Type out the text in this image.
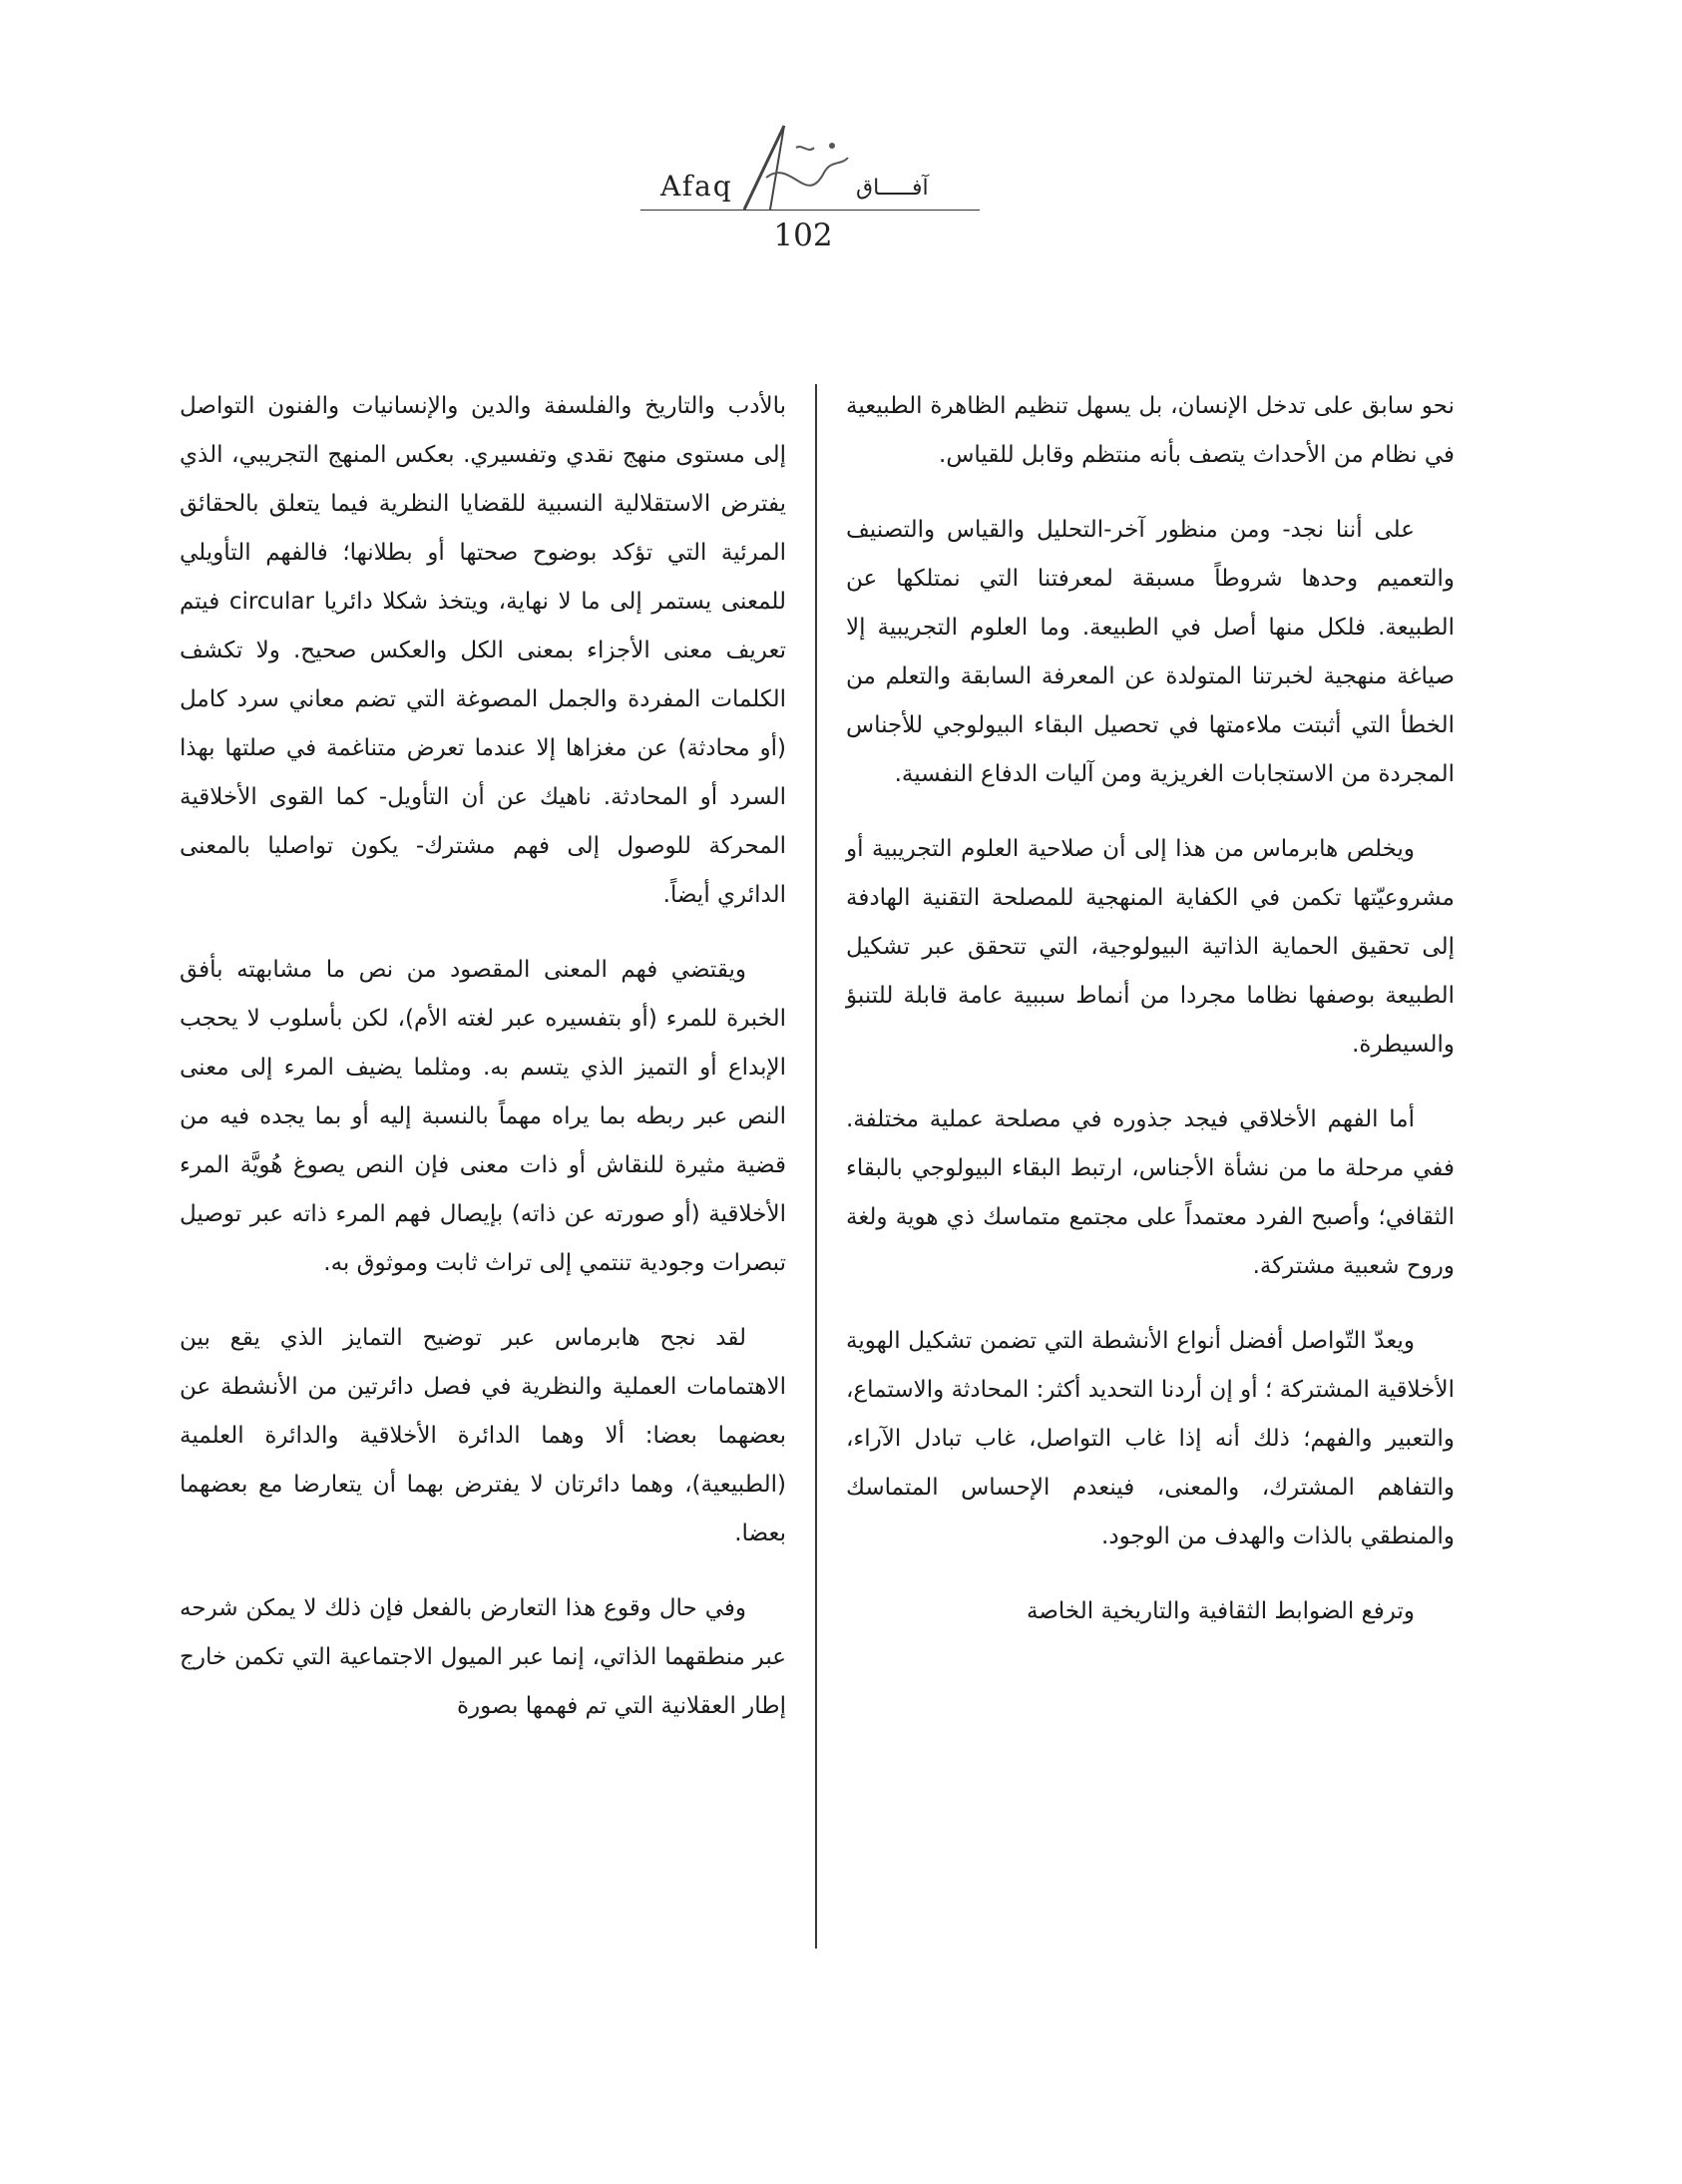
Afaq	آفـــــاق
102

نحو سابق على تدخل الإنسان، بل يسهل تنظيم الظاهرة الطبيعية في نظام من الأحداث يتصف بأنه منتظم وقابل للقياس.

على أننا نجد- ومن منظور آخر-التحليل والقياس والتصنيف والتعميم وحدها شروطاً مسبقة لمعرفتنا التي نمتلكها عن الطبيعة. فلكل منها أصل في الطبيعة. وما العلوم التجريبية إلا صياغة منهجية لخبرتنا المتولدة عن المعرفة السابقة والتعلم من الخطأ التي أثبتت ملاءمتها في تحصيل البقاء البيولوجي للأجناس المجردة من الاستجابات الغريزية ومن آليات الدفاع النفسية.

ويخلص هابرماس من هذا إلى أن صلاحية العلوم التجريبية أو مشروعيّتها تكمن في الكفاية المنهجية للمصلحة التقنية الهادفة إلى تحقيق الحماية الذاتية البيولوجية، التي تتحقق عبر تشكيل الطبيعة بوصفها نظاما مجردا من أنماط سببية عامة قابلة للتنبؤ والسيطرة.

أما الفهم الأخلاقي فيجد جذوره في مصلحة عملية مختلفة. ففي مرحلة ما من نشأة الأجناس، ارتبط البقاء البيولوجي بالبقاء الثقافي؛ وأصبح الفرد معتمداً على مجتمع متماسك ذي هوية ولغة وروح شعبية مشتركة.

ويعدّ التّواصل أفضل أنواع الأنشطة التي تضمن تشكيل الهوية الأخلاقية المشتركة ؛ أو إن أردنا التحديد أكثر: المحادثة والاستماع، والتعبير والفهم؛ ذلك أنه إذا غاب التواصل، غاب تبادل الآراء، والتفاهم المشترك، والمعنى، فينعدم الإحساس المتماسك والمنطقي بالذات والهدف من الوجود.

وترفع الضوابط الثقافية والتاريخية الخاصة

بالأدب والتاريخ والفلسفة والدين والإنسانيات والفنون التواصل إلى مستوى منهج نقدي وتفسيري. بعكس المنهج التجريبي، الذي يفترض الاستقلالية النسبية للقضايا النظرية فيما يتعلق بالحقائق المرئية التي تؤكد بوضوح صحتها أو بطلانها؛ فالفهم التأويلي للمعنى يستمر إلى ما لا نهاية، ويتخذ شكلا دائريا circular فيتم تعريف معنى الأجزاء بمعنى الكل والعكس صحيح. ولا تكشف الكلمات المفردة والجمل المصوغة التي تضم معاني سرد كامل (أو محادثة) عن مغزاها إلا عندما تعرض متناغمة في صلتها بهذا السرد أو المحادثة. ناهيك عن أن التأويل- كما القوى الأخلاقية المحركة للوصول إلى فهم مشترك- يكون تواصليا بالمعنى الدائري أيضاً.

ويقتضي فهم المعنى المقصود من نص ما مشابهته بأفق الخبرة للمرء (أو بتفسيره عبر لغته الأم)، لكن بأسلوب لا يحجب الإبداع أو التميز الذي يتسم به. ومثلما يضيف المرء إلى معنى النص عبر ربطه بما يراه مهماً بالنسبة إليه أو بما يجده فيه من قضية مثيرة للنقاش أو ذات معنى فإن النص يصوغ هُويَّة المرء الأخلاقية (أو صورته عن ذاته) بإيصال فهم المرء ذاته عبر توصيل تبصرات وجودية تنتمي إلى تراث ثابت وموثوق به.

لقد نجح هابرماس عبر توضيح التمايز الذي يقع بين الاهتمامات العملية والنظرية في فصل دائرتين من الأنشطة عن بعضهما بعضا: ألا وهما الدائرة الأخلاقية والدائرة العلمية (الطبيعية)، وهما دائرتان لا يفترض بهما أن يتعارضا مع بعضهما بعضا.

وفي حال وقوع هذا التعارض بالفعل فإن ذلك لا يمكن شرحه عبر منطقهما الذاتي، إنما عبر الميول الاجتماعية التي تكمن خارج إطار العقلانية التي تم فهمها بصورة
